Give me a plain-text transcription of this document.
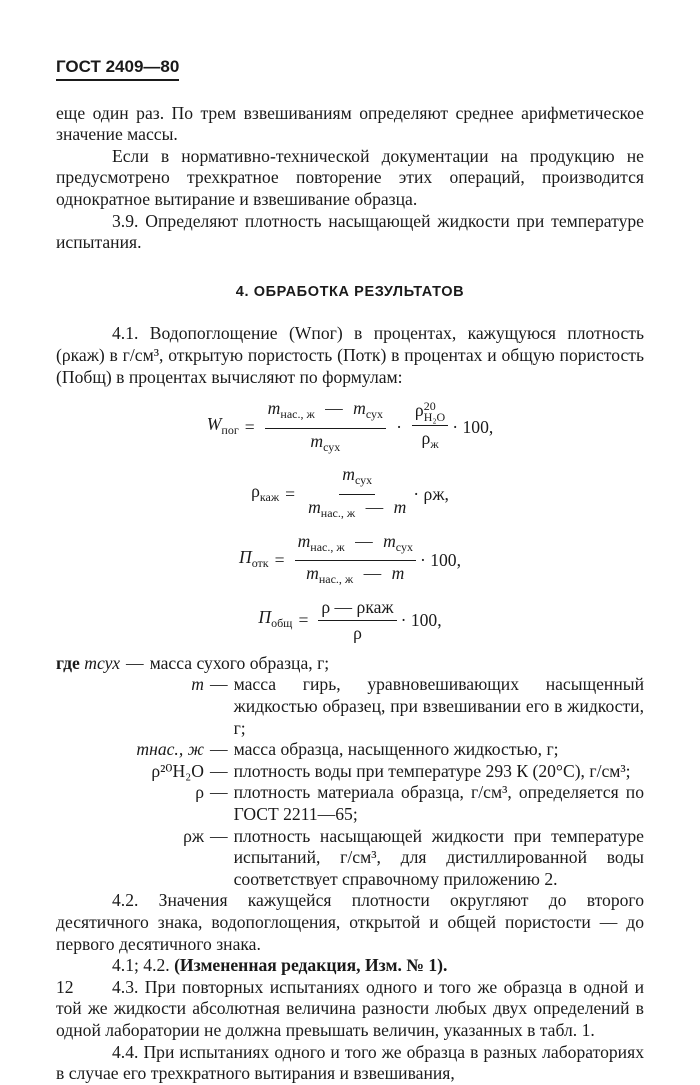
ГОСТ 2409—80

еще один раз. По трем взвешиваниям определяют среднее арифметическое значение массы.

Если в нормативно-технической документации на продукцию не предусмотрено трехкратное повторение этих операций, производится однократное вытирание и взвешивание образца.

3.9. Определяют плотность насыщающей жидкости при температуре испытания.

4. ОБРАБОТКА РЕЗУЛЬТАТОВ

4.1. Водопоглощение (Wпог) в процентах, кажущуюся плотность (ρкаж) в г/см³, открытую пористость (Потк) в процентах и общую пористость (Побщ) в процентах вычисляют по формулам:

$W_{пог} = \frac{m_{нас., ж} — m_{сух}}{m_{сух}} \cdot \rho$ 20
H₂O
$\rho_ж \cdot 100$,
$\rho_{каж} = \frac{m_{сух}}{m_{нас., ж} — m} \cdot \rho ж$,
$П_{отк} = \frac{m_{нас., ж} — m_{сух}}{m_{нас., ж} — m} \cdot 100$,
$П_{общ} = \frac{\text{ρ — ρкаж}}{\rho} \cdot 100$,
где mсух — масса сухого образца, г;
m — масса гирь, уравновешивающих насыщенный жидкостью образец, при взвешивании его в жидкости, г;
mнас., ж — масса образца, насыщенного жидкостью, г;
ρ²⁰H₂O — плотность воды при температуре 293 К (20°С), г/см³;
ρ — плотность материала образца, г/см³, определяется по ГОСТ 2211—65;
ρж — плотность насыщающей жидкости при температуре испытаний, г/см³, для дистиллированной воды соответствует справочному приложению 2.

4.2. Значения кажущейся плотности округляют до второго десятичного знака, водопоглощения, открытой и общей пористости — до первого десятичного знака.

4.1; 4.2. (Измененная редакция, Изм. № 1).

4.3. При повторных испытаниях одного и того же образца в одной и той же жидкости абсолютная величина разности любых двух определений в одной лаборатории не должна превышать величин, указанных в табл. 1.

4.4. При испытаниях одного и того же образца в разных лабораториях в случае его трехкратного вытирания и взвешивания,

12
